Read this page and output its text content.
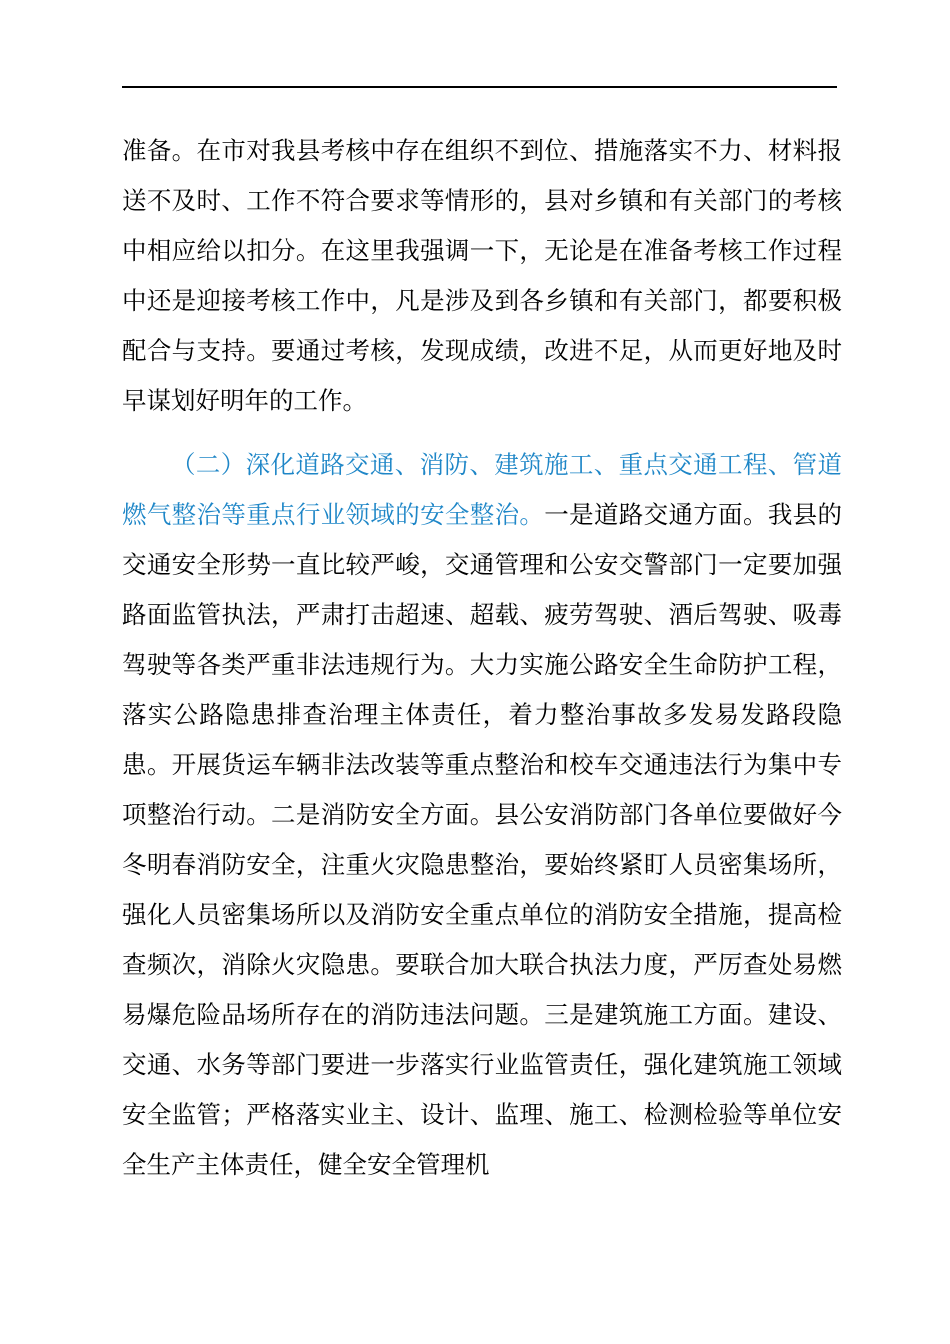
准备。在市对我县考核中存在组织不到位、措施落实不力、材料报送不及时、工作不符合要求等情形的，县对乡镇和有关部门的考核中相应给以扣分。在这里我强调一下，无论是在准备考核工作过程中还是迎接考核工作中，凡是涉及到各乡镇和有关部门，都要积极配合与支持。要通过考核，发现成绩，改进不足，从而更好地及时早谋划好明年的工作。

（二）深化道路交通、消防、建筑施工、重点交通工程、管道燃气整治等重点行业领域的安全整治。一是道路交通方面。我县的交通安全形势一直比较严峻，交通管理和公安交警部门一定要加强路面监管执法，严肃打击超速、超载、疲劳驾驶、酒后驾驶、吸毒驾驶等各类严重非法违规行为。大力实施公路安全生命防护工程，落实公路隐患排查治理主体责任，着力整治事故多发易发路段隐患。开展货运车辆非法改装等重点整治和校车交通违法行为集中专项整治行动。二是消防安全方面。县公安消防部门各单位要做好今冬明春消防安全，注重火灾隐患整治，要始终紧盯人员密集场所，强化人员密集场所以及消防安全重点单位的消防安全措施，提高检查频次，消除火灾隐患。要联合加大联合执法力度，严厉查处易燃易爆危险品场所存在的消防违法问题。三是建筑施工方面。建设、交通、水务等部门要进一步落实行业监管责任，强化建筑施工领域安全监管；严格落实业主、设计、监理、施工、检测检验等单位安全生产主体责任，健全安全管理机
